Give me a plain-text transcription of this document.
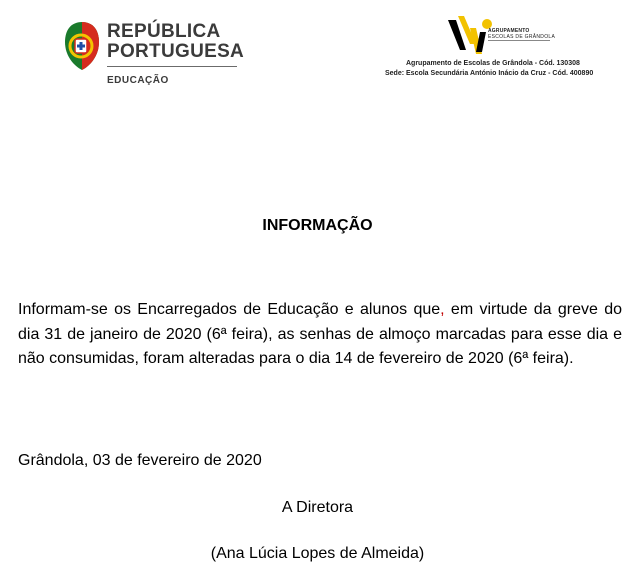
REPÚBLICA
PORTUGUESA
EDUCAÇÃO
AGRUPAMENTO
ESCOLAS DE GRÂNDOLA
Agrupamento de Escolas de Grândola - Cód. 130308
Sede: Escola Secundária António Inácio da Cruz - Cód. 400890
INFORMAÇÃO
Informam-se os Encarregados de Educação e alunos que, em virtude da greve do dia 31 de janeiro de 2020 (6ª feira), as senhas de almoço marcadas para esse dia e não consumidas, foram alteradas para o dia 14 de fevereiro de 2020 (6ª feira).
Grândola, 03 de fevereiro de 2020
A Diretora
(Ana Lúcia Lopes de Almeida)
